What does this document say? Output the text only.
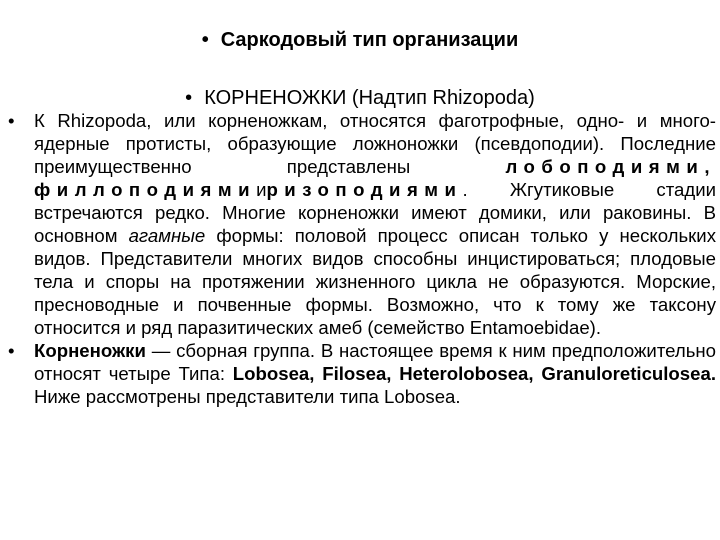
• Саркодовый тип организации

• КОРНЕНОЖКИ (Надтип Rhizopoda)

• К Rhizopoda, или корненожкам, относятся фаготрофные, одно- и много-ядерные протисты, образующие ложноножки (псевдоподии). Последние преимущественно представлены лобоподиями, филлоподиямииризоподиями. Жгутиковые стадии встречаются редко. Многие корненожки имеют домики, или раковины. В основном агамные формы: половой процесс описан только у нескольких видов. Представители многих видов способны инцистироваться; плодовые тела и споры на протяжении жизненного цикла не образуются. Морские, пресноводные и почвенные формы. Возможно, что к тому же таксону относится и ряд паразитических амеб (семейство Entamoebidae).
• Корненожки — сборная группа. В настоящее время к ним предположительно относят четыре Типа: Lobosea, Filosea, Heterolobosea, Granuloreticulosea. Ниже рассмотрены представители типа Lobosea.
